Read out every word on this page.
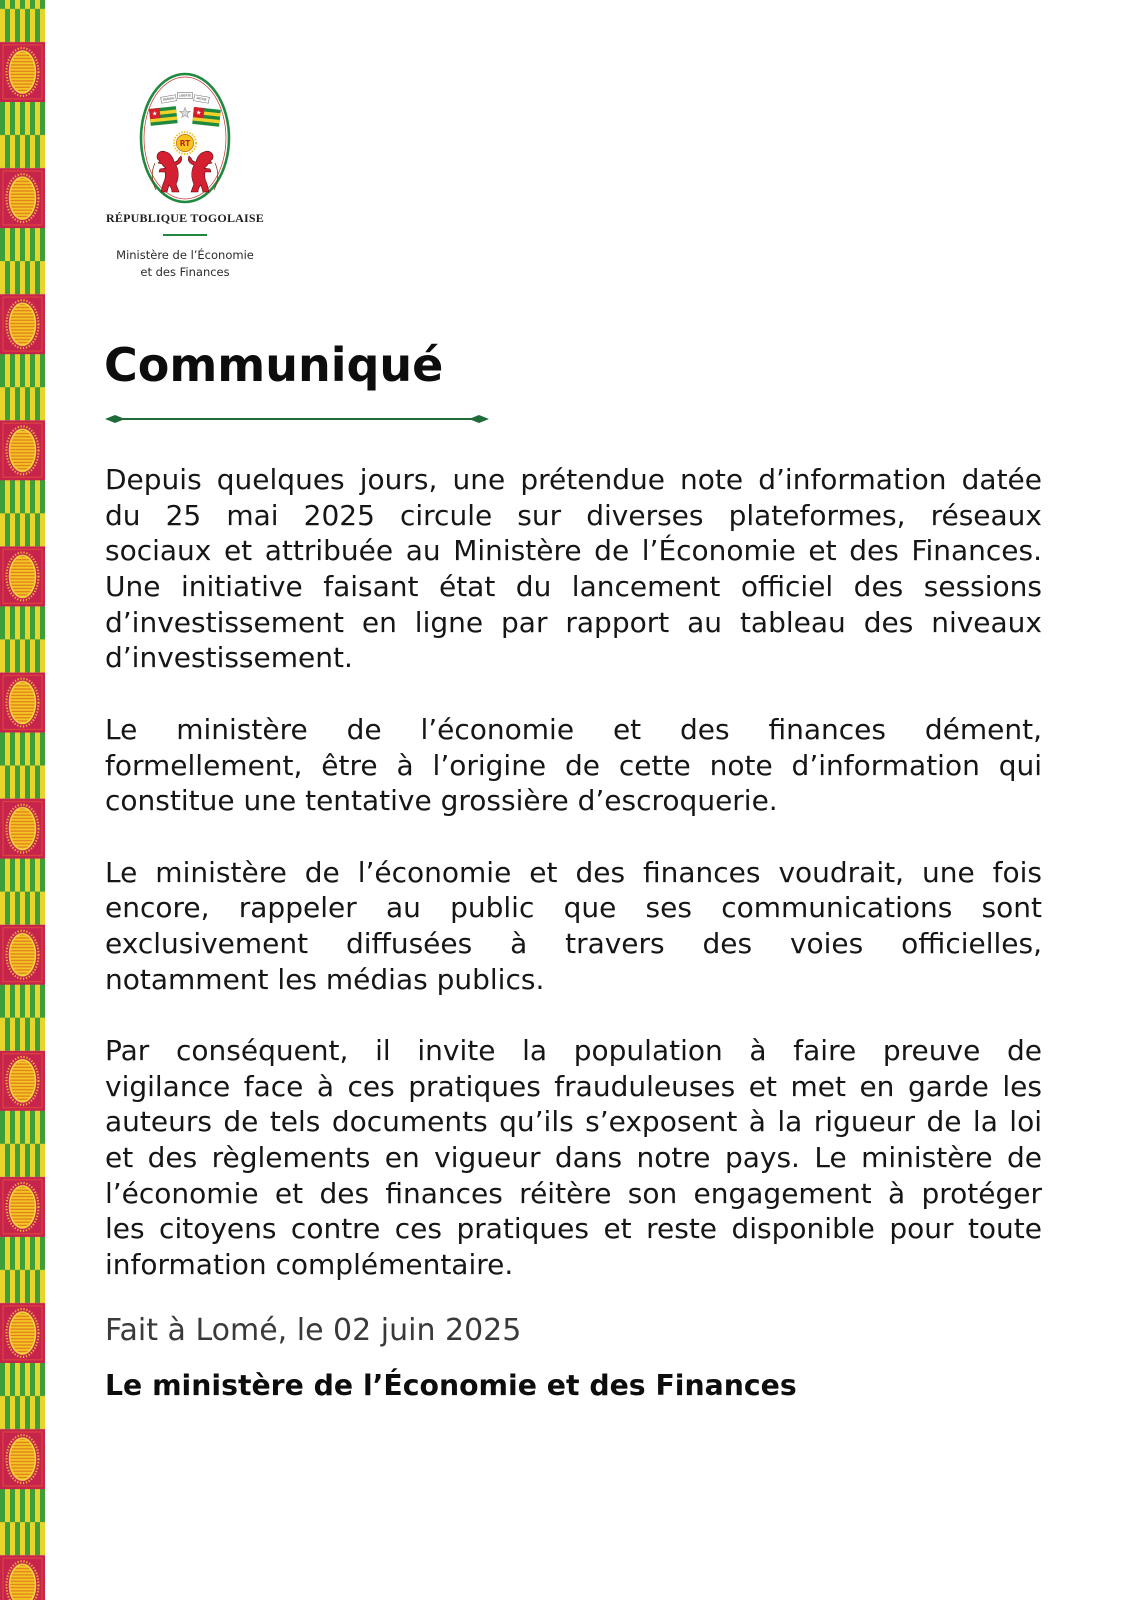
TRAVAIL
LIBERTÉ
PATRIE
RT
RÉPUBLIQUE TOGOLAISE
Ministère de l’Économie
et des Finances
Communiqué
Depuis quelques jours, une prétendue note d’information datée
du 25 mai 2025 circule sur diverses plateformes, réseaux
sociaux et attribuée au Ministère de l’Économie et des Finances.
Une initiative faisant état du lancement officiel des sessions
d’investissement en ligne par rapport au tableau des niveaux
d’investissement.
Le ministère de l’économie et des finances dément,
formellement, être à l’origine de cette note d’information qui
constitue une tentative grossière d’escroquerie.
Le ministère de l’économie et des finances voudrait, une fois
encore, rappeler au public que ses communications sont
exclusivement diffusées à travers des voies officielles,
notamment les médias publics.
Par conséquent, il invite la population à faire preuve de
vigilance face à ces pratiques frauduleuses et met en garde les
auteurs de tels documents qu’ils s’exposent à la rigueur de la loi
et des règlements en vigueur dans notre pays. Le ministère de
l’économie et des finances réitère son engagement à protéger
les citoyens contre ces pratiques et reste disponible pour toute
information complémentaire.
Fait à Lomé, le 02 juin 2025
Le ministère de l’Économie et des Finances
